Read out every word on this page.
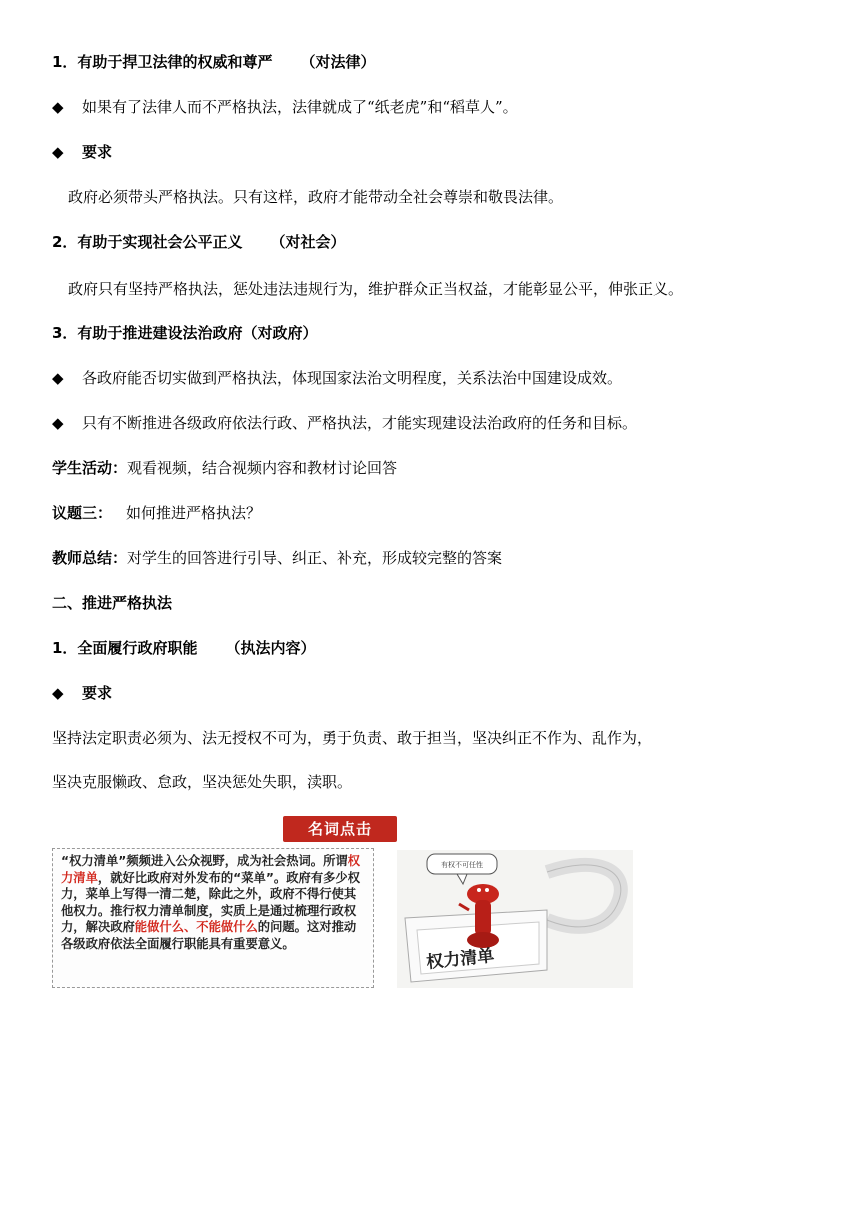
1．有助于捍卫法律的权威和尊严 （对法律）
◆ 如果有了法律人而不严格执法，法律就成了“纸老虎”和“稻草人”。
◆ 要求
政府必须带头严格执法。只有这样，政府才能带动全社会尊崇和敬畏法律。
2．有助于实现社会公平正义 （对社会）
政府只有坚持严格执法，惩处违法违规行为，维护群众正当权益，才能彰显公平，伸张正义。
3．有助于推进建设法治政府（对政府）
◆ 各政府能否切实做到严格执法，体现国家法治文明程度，关系法治中国建设成效。
◆ 只有不断推进各级政府依法行政、严格执法，才能实现建设法治政府的任务和目标。
学生活动：观看视频，结合视频内容和教材讨论回答
议题三： 如何推进严格执法？
教师总结：对学生的回答进行引导、纠正、补充，形成较完整的答案
二、推进严格执法
1．全面履行政府职能 （执法内容）
◆ 要求
坚持法定职责必须为、法无授权不可为，勇于负责、敢于担当，坚决纠正不作为、乱作为，
坚决克服懒政、怠政，坚决惩处失职，渎职。
名词点击
“权力清单”频频进入公众视野，成为社会热词。所谓权力清单，就好比政府对外发布的“菜单”。政府有多少权力，菜单上写得一清二楚，除此之外，政府不得行使其他权力。推行权力清单制度，实质上是通过梳理行政权力，解决政府能做什么、不能做什么的问题。这对推动各级政府依法全面履行职能具有重要意义。
有权不可任性
权力清单
